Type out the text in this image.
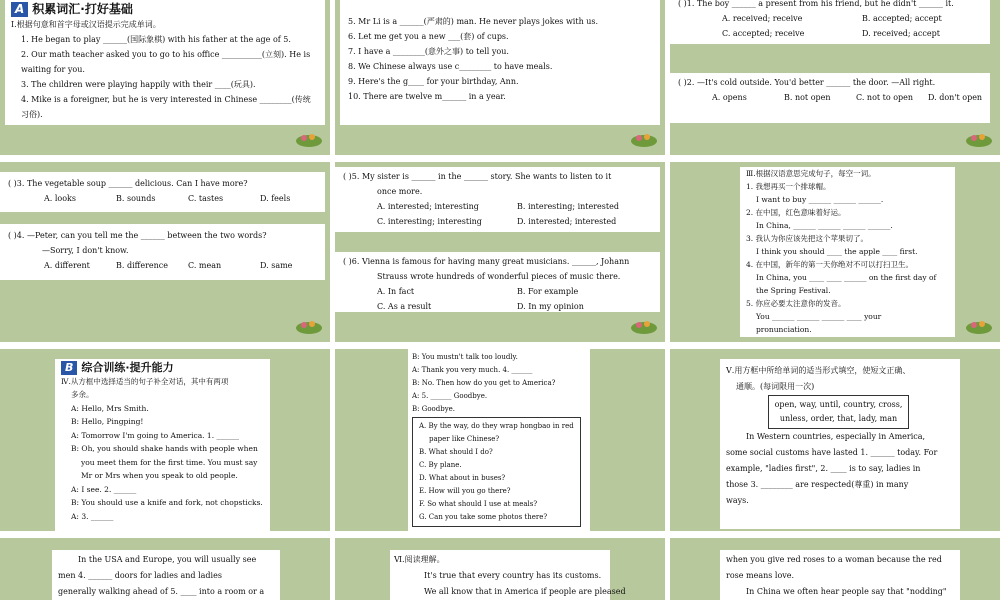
A 积累词汇·打好基础

Ⅰ.根据句意和首字母或汉语提示完成单词。

1. He began to play ______(国际象棋) with his father at the age of 5.

2. Our math teacher asked you to go to his office __________(立刻). He is

waiting for you.

3. The children were playing happily with their ____(玩具).

4. Mike is a foreigner, but he is very interested in Chinese ________(传统

习俗).

5. Mr Li is a ______(严肃的) man. He never plays jokes with us.

6. Let me get you a new ___(套) of cups.

7. I have a ________(意外之事) to tell you.

8. We Chinese always use c________ to have meals.

9. Here's the g____ for your birthday, Ann.

10. There are twelve m______ in a year.

( )1. The boy ______ a present from his friend, but he didn't ______ it.

A. received; receive	B. accepted; accept
C. accepted; receive	D. received; accept

( )2. —It's cold outside. You'd better ______ the door. —All right.

A. opens	B. not open	C. not to open	D. don't open

( )3. The vegetable soup ______ delicious. Can I have more?

A. looks	B. sounds	C. tastes	D. feels

( )4. —Peter, can you tell me the ______ between the two words?

—Sorry, I don't know.

A. different	B. difference	C. mean	D. same

( )5. My sister is ______ in the ______ story. She wants to listen to it

once more.

A. interested; interesting	B. interesting; interested
C. interesting; interesting	D. interested; interested

( )6. Vienna is famous for having many great musicians. ______, Johann

Strauss wrote hundreds of wonderful pieces of music there.

A. In fact	B. For example
C. As a result	D. In my opinion

Ⅲ.根据汉语意思完成句子，每空一词。

1. 我想再买一个排球帽。

I want to buy ______ ______ ______.

2. 在中国，红色意味着好运。

In China, ______ ______ ______ ______.

3. 我认为你应该先把这个苹果切了。

I think you should ____ the apple ____ first.

4. 在中国，新年的第一天你绝对不可以打扫卫生。

In China, you ____ ____ ______ on the first day of

the Spring Festival.

5. 你应必要太注意你的发音。

You ______ ______ ______ ____ your

pronunciation.

B 综合训练·提升能力

Ⅳ.从方框中选择适当的句子补全对话，其中有两项

多余。

A: Hello, Mrs Smith.

B: Hello, Pingping!

A: Tomorrow I'm going to America. 1. ______

B: Oh, you should shake hands with people when

you meet them for the first time. You must say

Mr or Mrs when you speak to old people.

A: I see. 2. ______

B: You should use a knife and fork, not chopsticks.

A: 3. ______

B: You mustn't talk too loudly.

A: Thank you very much. 4. ______

B: No. Then how do you get to America?

A: 5. ______ Goodbye.

B: Goodbye.

A. By the way, do they wrap hongbao in red

paper like Chinese?

B. What should I do?

C. By plane.

D. What about in buses?

E. How will you go there?

F. So what should I use at meals?

G. Can you take some photos there?

Ⅴ.用方框中所给单词的适当形式填空，使短文正确、

通顺。(每词限用一次)

open, way, until, country, cross,

unless, order, that, lady, man

In Western countries, especially in America,

some social customs have lasted 1. ______ today. For

example, "ladies first", 2. ____ is to say, ladies in

those 3. ________ are respected(尊重) in many

ways.

In the USA and Europe, you will usually see

men 4. ______ doors for ladies and ladies

generally walking ahead of 5. ____ into a room or a

Ⅵ.阅读理解。

It's true that every country has its customs.

We all know that in America if people are pleased

when you give red roses to a woman because the red

rose means love.

In China we often hear people say that "nodding"
